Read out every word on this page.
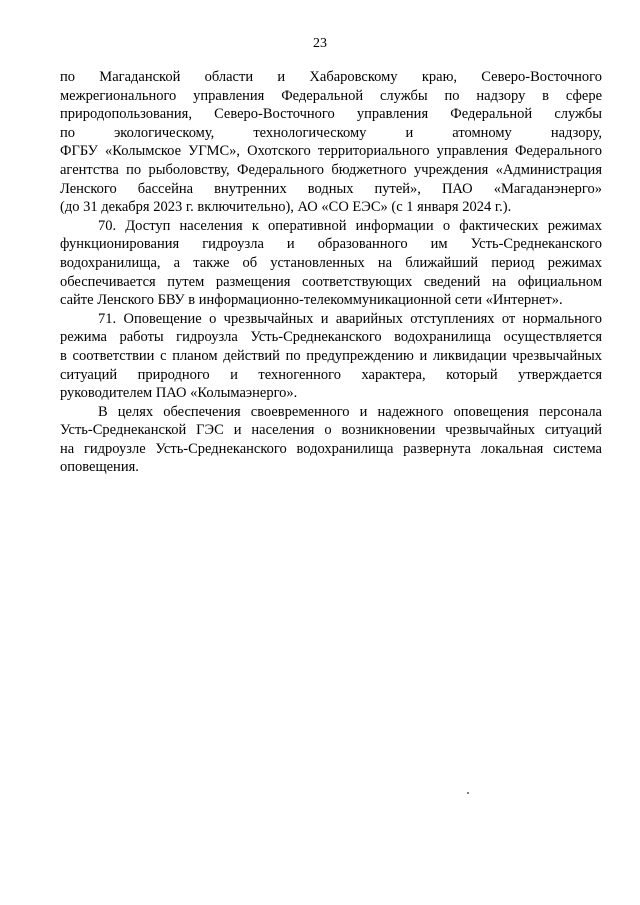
23
по Магаданской области и Хабаровскому краю, Северо-Восточного
межрегионального управления Федеральной службы по надзору в сфере
природопользования, Северо-Восточного управления Федеральной службы
по экологическому, технологическому и атомному надзору,
ФГБУ «Колымское УГМС», Охотского территориального управления Федерального
агентства по рыболовству, Федерального бюджетного учреждения «Администрация
Ленского бассейна внутренних водных путей», ПАО «Магаданэнерго»
(до 31 декабря 2023 г. включительно), АО «СО ЕЭС» (с 1 января 2024 г.).
70. Доступ населения к оперативной информации о фактических режимах
функционирования гидроузла и образованного им Усть-Среднеканского
водохранилища, а также об установленных на ближайший период режимах
обеспечивается путем размещения соответствующих сведений на официальном
сайте Ленского БВУ в информационно-телекоммуникационной сети «Интернет».
71. Оповещение о чрезвычайных и аварийных отступлениях от нормального
режима работы гидроузла Усть-Среднеканского водохранилища осуществляется
в соответствии с планом действий по предупреждению и ликвидации чрезвычайных
ситуаций природного и техногенного характера, который утверждается
руководителем ПАО «Колымаэнерго».
В целях обеспечения своевременного и надежного оповещения персонала
Усть-Среднеканской ГЭС и населения о возникновении чрезвычайных ситуаций
на гидроузле Усть-Среднеканского водохранилища развернута локальная система
оповещения.
